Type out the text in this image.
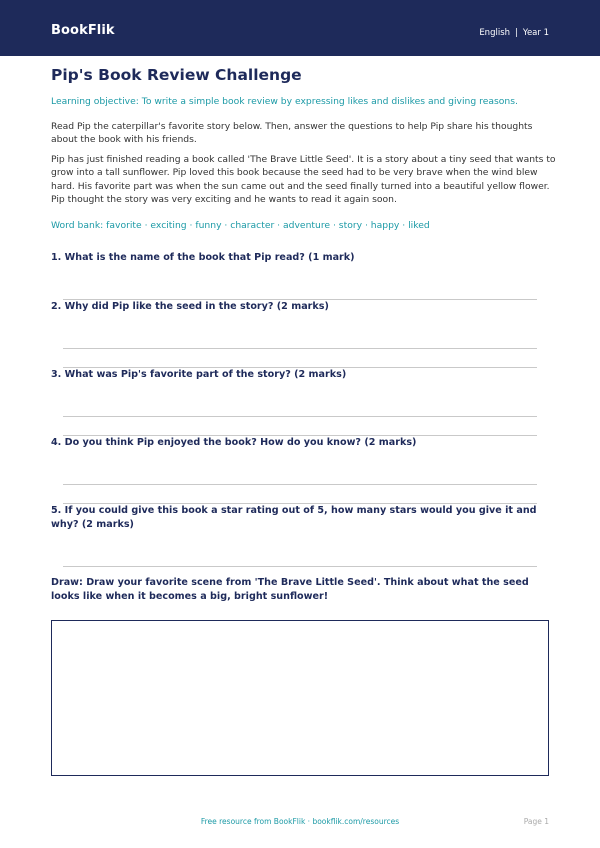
BookFlik	English | Year 1
Pip's Book Review Challenge
Learning objective: To write a simple book review by expressing likes and dislikes and giving reasons.
Read Pip the caterpillar's favorite story below. Then, answer the questions to help Pip share his thoughts about the book with his friends.
Pip has just finished reading a book called 'The Brave Little Seed'. It is a story about a tiny seed that wants to grow into a tall sunflower. Pip loved this book because the seed had to be very brave when the wind blew hard. His favorite part was when the sun came out and the seed finally turned into a beautiful yellow flower. Pip thought the story was very exciting and he wants to read it again soon.
Word bank: favorite · exciting · funny · character · adventure · story · happy · liked
1. What is the name of the book that Pip read? (1 mark)
2. Why did Pip like the seed in the story? (2 marks)
3. What was Pip's favorite part of the story? (2 marks)
4. Do you think Pip enjoyed the book? How do you know? (2 marks)
5. If you could give this book a star rating out of 5, how many stars would you give it and why? (2 marks)
Draw: Draw your favorite scene from 'The Brave Little Seed'. Think about what the seed looks like when it becomes a big, bright sunflower!
Free resource from BookFlik · bookflik.com/resources	Page 1
